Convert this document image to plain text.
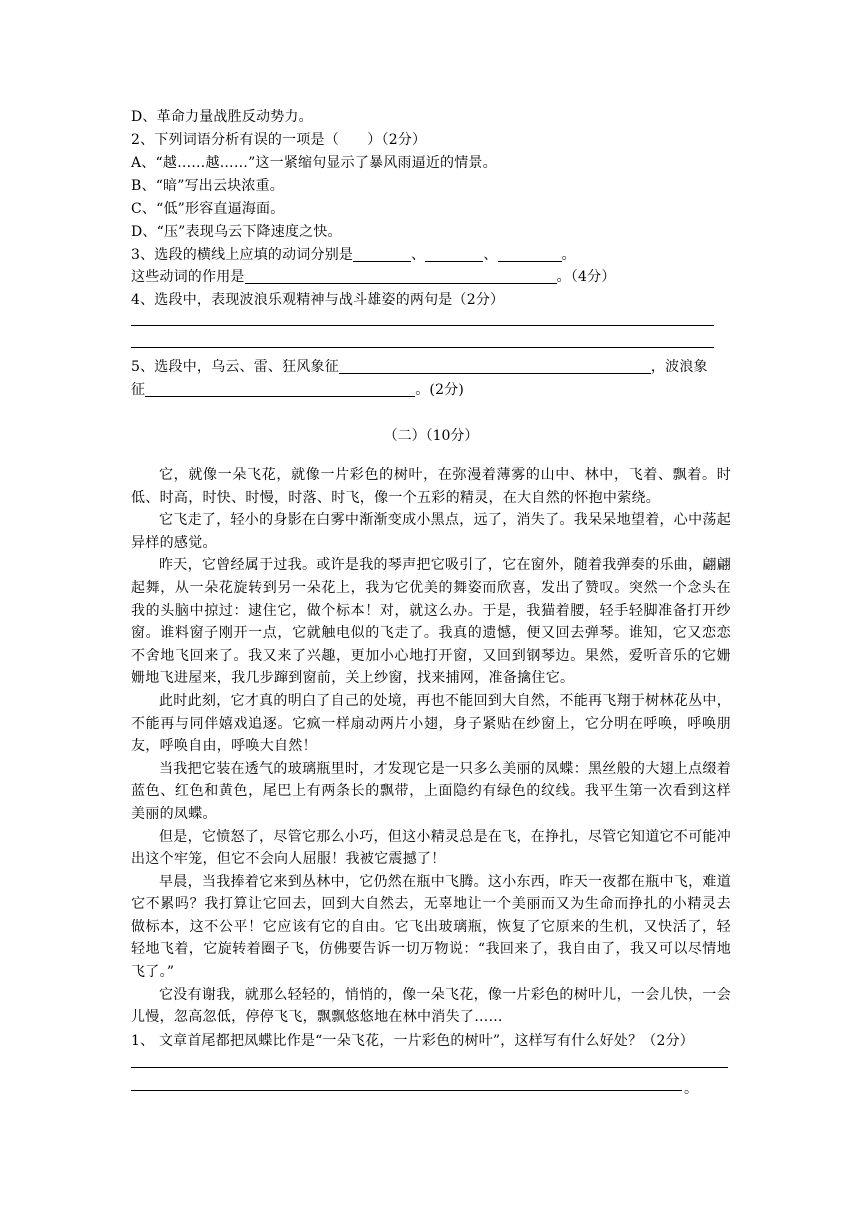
D、革命力量战胜反动势力。
2、下列词语分析有误的一项是（　　）（2分）
A、“越……越……”这一紧缩句显示了暴风雨逼近的情景。
B、“暗”写出云块浓重。
C、“低”形容直逼海面。
D、“压”表现乌云下降速度之快。
3、选段的横线上应填的动词分别是	、	、	。
这些动词的作用是	。（4分）
4、选段中，表现波浪乐观精神与战斗雄姿的两句是（2分）
5、选段中，乌云、雷、狂风象征	，波浪象
征	。(2分)
（二）（10分）
它，就像一朵飞花，就像一片彩色的树叶，在弥漫着薄雾的山中、林中，飞着、飘着。时低、时高，时快、时慢，时落、时飞，像一个五彩的精灵，在大自然的怀抱中萦绕。
它飞走了，轻小的身影在白雾中渐渐变成小黑点，远了，消失了。我呆呆地望着，心中荡起异样的感觉。
昨天，它曾经属于过我。或许是我的琴声把它吸引了，它在窗外，随着我弹奏的乐曲，翩翩起舞，从一朵花旋转到另一朵花上，我为它优美的舞姿而欣喜，发出了赞叹。突然一个念头在我的头脑中掠过：逮住它，做个标本！对，就这么办。于是，我猫着腰，轻手轻脚准备打开纱窗。谁料窗子刚开一点，它就触电似的飞走了。我真的遗憾，便又回去弹琴。谁知，它又恋恋不舍地飞回来了。我又来了兴趣，更加小心地打开窗，又回到钢琴边。果然，爱听音乐的它姗姗地飞进屋来，我几步蹿到窗前，关上纱窗，找来捕网，准备擒住它。
此时此刻，它才真的明白了自己的处境，再也不能回到大自然，不能再飞翔于树林花丛中，不能再与同伴嬉戏追逐。它疯一样扇动两片小翅，身子紧贴在纱窗上，它分明在呼唤，呼唤朋友，呼唤自由，呼唤大自然！
当我把它装在透气的玻璃瓶里时，才发现它是一只多么美丽的凤蝶：黑丝般的大翅上点缀着蓝色、红色和黄色，尾巴上有两条长的飘带，上面隐约有绿色的纹线。我平生第一次看到这样美丽的凤蝶。
但是，它愤怒了，尽管它那么小巧，但这小精灵总是在飞，在挣扎，尽管它知道它不可能冲出这个牢笼，但它不会向人屈服！我被它震撼了！
早晨，当我捧着它来到丛林中，它仍然在瓶中飞腾。这小东西，昨天一夜都在瓶中飞，难道它不累吗？我打算让它回去，回到大自然去，无辜地让一个美丽而又为生命而挣扎的小精灵去做标本，这不公平！它应该有它的自由。它飞出玻璃瓶，恢复了它原来的生机，又快活了，轻轻地飞着，它旋转着圈子飞，仿佛要告诉一切万物说：“我回来了，我自由了，我又可以尽情地飞了。”
它没有谢我，就那么轻轻的，悄悄的，像一朵飞花，像一片彩色的树叶儿，一会儿快，一会儿慢，忽高忽低，停停飞飞，飘飘悠悠地在林中消失了……
1、 文章首尾都把凤蝶比作是“一朵飞花，一片彩色的树叶”，这样写有什么好处？（2分）
。
